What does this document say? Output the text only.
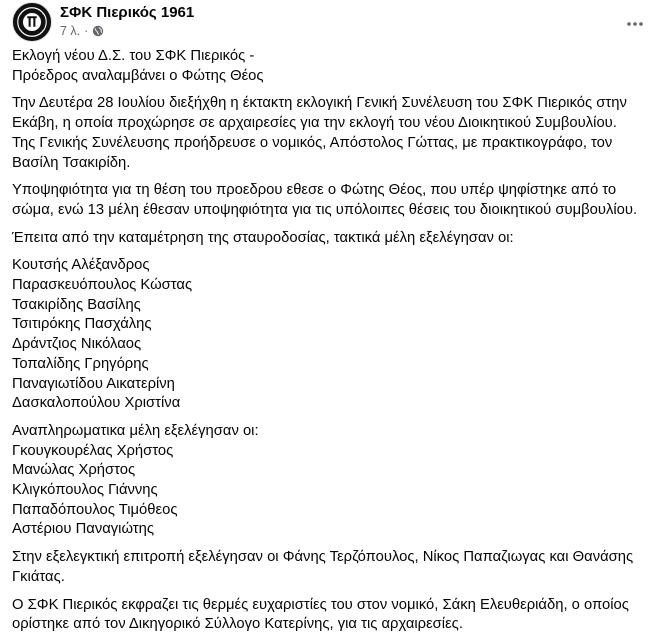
ΣΦΚ Πιερικός 1961
7 λ. ·

Εκλογή νέου Δ.Σ. του ΣΦΚ Πιερικός -
Πρόεδρος αναλαμβάνει ο Φώτης Θέος

Την Δευτέρα 28 Ιουλίου διεξήχθη η έκτακτη εκλογική Γενική Συνέλευση του ΣΦΚ Πιερικός στην
Εκάβη, η οποία προχώρησε σε αρχαιρεσίες για την εκλογή του νέου Διοικητικού Συμβουλίου.
Της Γενικής Συνέλευσης προήδρευσε ο νομικός, Απόστολος Γώττας, με πρακτικογράφο, τον
Βασίλη Τσακιρίδη.

Υποψηφιότητα για τη θέση του προεδρου εθεσε ο Φώτης Θέος, που υπέρ ψηφίστηκε από το
σώμα, ενώ 13 μέλη έθεσαν υποψηφιότητα για τις υπόλοιπες θέσεις του διοικητικού συμβουλίου.

Έπειτα από την καταμέτρηση της σταυροδοσίας, τακτικά μέλη εξελέγησαν οι:

Κουτσής Αλέξανδρος
Παρασκευόπουλος Κώστας
Τσακιρίδης Βασίλης
Τσιτιρόκης Πασχάλης
Δράντζιος Νικόλαος
Τοπαλίδης Γρηγόρης
Παναγιωτίδου Αικατερίνη
Δασκαλοπούλου Χριστίνα

Αναπληρωματικα μέλη εξελέγησαν οι:
Γκουγκουρέλας Χρήστος
Μανώλας Χρήστος
Κλιγκόπουλος Γιάννης
Παπαδόπουλος Τιμόθεος
Αστέριου Παναγιώτης

Στην εξελεγκτική επιτροπή εξελέγησαν οι Φάνης Τερζόπουλος, Νίκος Παπαζιωγας και Θανάσης
Γκιάτας.

Ο ΣΦΚ Πιερικός εκφραζει τις θερμές ευχαριστίες του στον νομικό, Σάκη Ελευθεριάδη, ο οποίος
ορίστηκε από τον Δικηγορικό Σύλλογο Κατερίνης, για τις αρχαιρεσίες.
